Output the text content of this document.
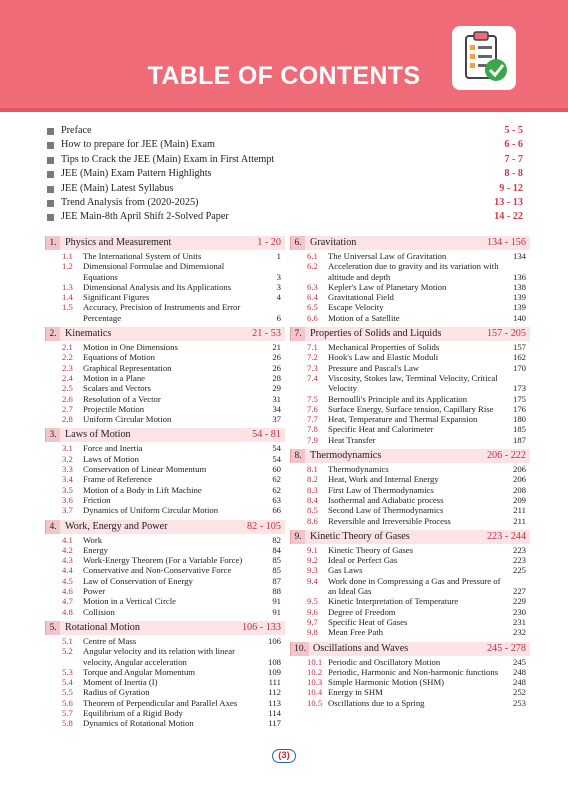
TABLE OF CONTENTS
Preface	5 - 5
How to prepare for JEE (Main) Exam	6 - 6
Tips to Crack the JEE (Main) Exam in First Attempt	7 - 7
JEE (Main) Exam Pattern Highlights	8 - 8
JEE (Main) Latest Syllabus	9 - 12
Trend Analysis from (2020-2025)	13 - 13
JEE Main-8th April Shift 2-Solved Paper	14 - 22
1. Physics and Measurement	1 - 20
1.1 The International System of Units	1
1.2 Dimensional Formulae and Dimensional Equations	3
1.3 Dimensional Analysis and Its Applications	3
1.4 Significant Figures	4
1.5 Accuracy, Precision of Instruments and Error Percentage	6
2. Kinematics	21 - 53
2.1 Motion in One Dimensions	21
2.2 Equations of Motion	26
2.3 Graphical Representation	26
2.4 Motion in a Plane	28
2.5 Scalars and Vectors	29
2.6 Resolution of a Vector	31
2.7 Projectile Motion	34
2.8 Uniform Circular Motion	37
3. Laws of Motion	54 - 81
3.1 Force and Inertia	54
3.2 Laws of Motion	54
3.3 Conservation of Linear Momentum	60
3.4 Frame of Reference	62
3.5 Motion of a Body in Lift Machine	62
3.6 Friction	63
3.7 Dynamics of Uniform Circular Motion	66
4. Work, Energy and Power	82 - 105
4.1 Work	82
4.2 Energy	84
4.3 Work-Energy Theorem (For a Variable Force)	85
4.4 Conservative and Non-Conservative Force	85
4.5 Law of Conservation of Energy	87
4.6 Power	88
4.7 Motion in a Vertical Circle	91
4.8 Collision	91
5. Rotational Motion	106 - 133
5.1 Centre of Mass	106
5.2 Angular velocity and its relation with linear velocity, Angular acceleration	108
5.3 Torque and Angular Momentum	109
5.4 Moment of Inertia (I)	111
5.5 Radius of Gyration	112
5.6 Theorem of Perpendicular and Parallel Axes	113
5.7 Equilibrium of a Rigid Body	114
5.8 Dynamics of Rotational Motion	117
6. Gravitation	134 - 156
6.1 The Universal Law of Gravitation	134
6.2 Acceleration due to gravity and its variation with altitude and depth	136
6.3 Kepler's Law of Planetary Motion	138
6.4 Gravitational Field	139
6.5 Escape Velocity	139
6.6 Motion of a Satellite	140
7. Properties of Solids and Liquids	157 - 205
7.1 Mechanical Properties of Solids	157
7.2 Hook's Law and Elastic Moduli	162
7.3 Pressure and Pascal's Law	170
7.4 Viscosity, Stokes law, Terminal Velocity, Critical Velocity	173
7.5 Bernoulli's Principle and its Application	175
7.6 Surface Energy, Surface tension, Capillary Rise	176
7.7 Heat, Temperature and Thermal Expansion	180
7.8 Specific Heat and Calorimeter	185
7.9 Heat Transfer	187
8. Thermodynamics	206 - 222
8.1 Thermodynamics	206
8.2 Heat, Work and Internal Energy	206
8.3 First Law of Thermodynamics	208
8.4 Isothermal and Adiabatic process	209
8.5 Second Law of Thermodynamics	211
8.6 Reversible and Irreversible Process	211
9. Kinetic Theory of Gases	223 - 244
9.1 Kinetic Theory of Gases	223
9.2 Ideal or Perfect Gas	223
9.3 Gas Laws	225
9.4 Work done in Compressing a Gas and Pressure of an Ideal Gas	227
9.5 Kinetic Interpretation of Temperature	229
9.6 Degree of Freedom	230
9.7 Specific Heat of Gases	231
9.8 Mean Free Path	232
10. Oscillations and Waves	245 - 278
10.1 Periodic and Oscillatory Motion	245
10.2 Periodic, Harmonic and Non-harmonic functions	248
10.3 Simple Harmonic Motion (SHM)	248
10.4 Energy in SHM	252
10.5 Oscillations due to a Spring	253
(3)
